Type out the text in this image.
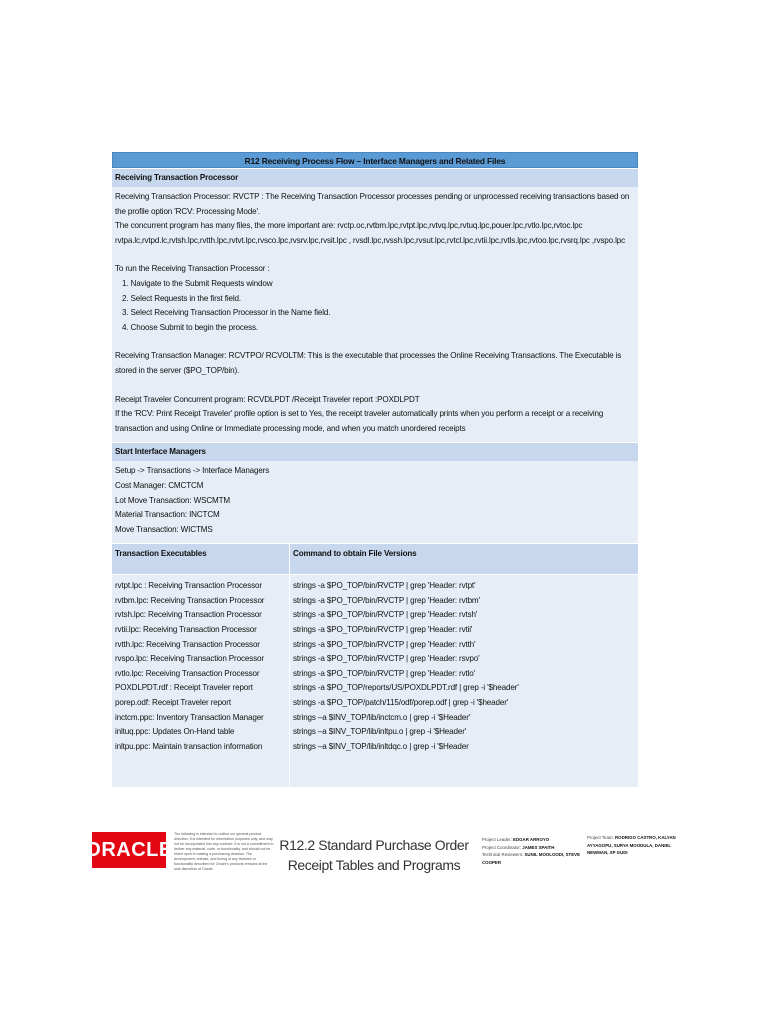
R12 Receiving Process Flow – Interface Managers and Related Files
Receiving Transaction Processor

Receiving Transaction Processor: RVCTP : The Receiving Transaction Processor processes pending or unprocessed receiving transactions based on the profile option 'RCV: Processing Mode'.

The concurrent program has many files, the more important are: rvctp.oc,rvtbm.lpc,rvtpt.lpc,rvtvq.lpc,rvtuq.lpc,pouer.lpc,rvtlo.lpc,rvtoc.lpc

rvtpa.lc,rvtpd.lc,rvtsh.lpc,rvtth.lpc,rvtvt.lpc,rvsco.lpc,rvsrv.lpc,rvsit.lpc , rvsdl.lpc,rvssh.lpc,rvsut.lpc,rvtcl.lpc,rvtii.lpc,rvtls.lpc,rvtoo.lpc,rvsrq.lpc ,rvspo.lpc

To run the Receiving Transaction Processor :

1. Navigate to the Submit Requests window
2. Select Requests in the first field.
3. Select Receiving Transaction Processor in the Name field.
4. Choose Submit to begin the process.

Receiving Transaction Manager: RCVTPO/ RCVOLTM: This is the executable that processes the Online Receiving Transactions. The Executable is stored in the server ($PO_TOP/bin).

Receipt Traveler Concurrent program: RCVDLPDT /Receipt Traveler report :POXDLPDT

If the 'RCV: Print Receipt Traveler' profile option is set to Yes, the receipt traveler automatically prints when you perform a receipt or a receiving transaction and using Online or Immediate processing mode, and when you match unordered receipts

Start Interface Managers

Setup -> Transactions -> Interface Managers

Cost Manager: CMCTCM

Lot Move Transaction: WSCMTM

Material Transaction: INCTCM

Move Transaction: WICTMS

Transaction Executables	Command to obtain File Versions
rvtpt.lpc : Receiving Transaction Processor
rvtbm.lpc: Receiving Transaction Processor
rvtsh.lpc: Receiving Transaction Processor
rvtii.lpc: Receiving Transaction Processor
rvtth.lpc: Receiving Transaction Processor
rvspo.lpc: Receiving Transaction Processor
rvtlo.lpc: Receiving Transaction Processor
POXDLPDT.rdf : Receipt Traveler report
porep.odf: Receipt Traveler report
inctcm.ppc: Inventory Transaction Manager
inltuq.ppc: Updates On-Hand table
inltpu.ppc: Maintain transaction information
strings -a $PO_TOP/bin/RVCTP | grep 'Header: rvtpt'
strings -a $PO_TOP/bin/RVCTP | grep 'Header: rvtbm'
strings -a $PO_TOP/bin/RVCTP | grep 'Header: rvtsh'
strings -a $PO_TOP/bin/RVCTP | grep 'Header: rvtii'
strings -a $PO_TOP/bin/RVCTP | grep 'Header: rvtth'
strings -a $PO_TOP/bin/RVCTP | grep 'Header: rsvpo'
strings -a $PO_TOP/bin/RVCTP | grep 'Header: rvtlo'
strings -a $PO_TOP/reports/US/POXDLPDT.rdf | grep -i '$header'
strings -a $PO_TOP/patch/115/odf/porep.odf | grep -i '$header'
strings –a $INV_TOP/lib/inctcm.o | grep -i '$Header'
strings –a $INV_TOP/lib/inltpu.o | grep -i '$Header'
strings –a $INV_TOP/lib/inltdqc.o | grep -i '$Header
ORACLE
The following is intended to outline our general product direction. It is intended for information purposes only, and may not be incorporated into any contract. It is not a commitment to deliver any material, code, or functionality, and should not be relied upon in making a purchasing decision. The development, release, and timing of any features or functionality described for Oracle's products remains at the sole discretion of Oracle.
R12.2 Standard Purchase Order Receipt Tables and Programs
Project Leader: EDGAR ARROYO
Project Coordinator: JAMES SPAITH
Technical Reviewers: SUNIL MOOLOODI, STEVE COOPER
Project Team: RODRIGO CASTRO, KALYAN AYYAGOPU, SURYA MOODULA, DANIEL NEWMAN, SP GUDI
